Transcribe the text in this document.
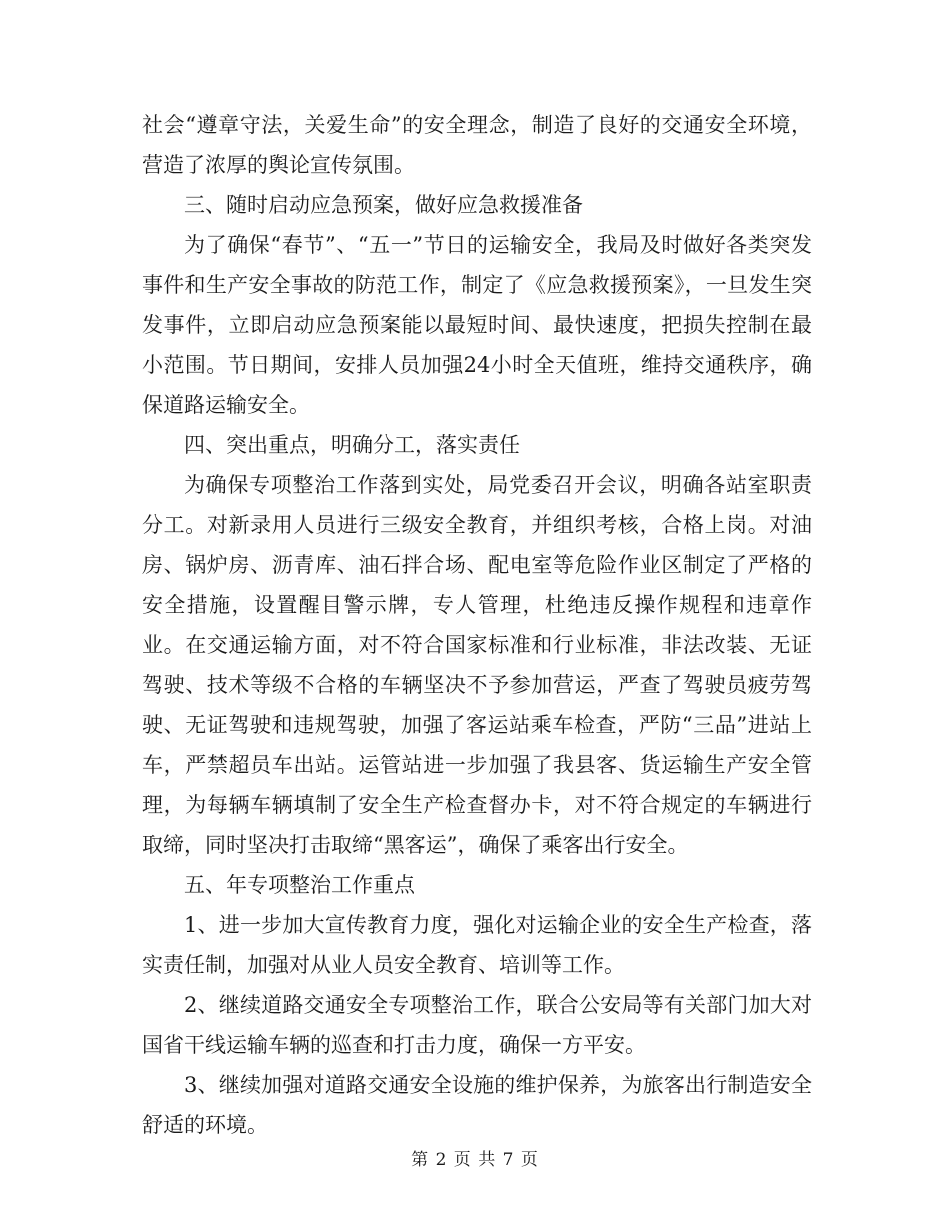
社会“遵章守法，关爱生命”的安全理念，制造了良好的交通安全环境，营造了浓厚的舆论宣传氛围。

三、随时启动应急预案，做好应急救援准备

为了确保“春节”、“五一”节日的运输安全，我局及时做好各类突发事件和生产安全事故的防范工作，制定了《应急救援预案》，一旦发生突发事件，立即启动应急预案能以最短时间、最快速度，把损失控制在最小范围。节日期间，安排人员加强24小时全天值班，维持交通秩序，确保道路运输安全。

四、突出重点，明确分工，落实责任

为确保专项整治工作落到实处，局党委召开会议，明确各站室职责分工。对新录用人员进行三级安全教育，并组织考核，合格上岗。对油房、锅炉房、沥青库、油石拌合场、配电室等危险作业区制定了严格的安全措施，设置醒目警示牌，专人管理，杜绝违反操作规程和违章作业。在交通运输方面，对不符合国家标准和行业标准，非法改装、无证驾驶、技术等级不合格的车辆坚决不予参加营运，严查了驾驶员疲劳驾驶、无证驾驶和违规驾驶，加强了客运站乘车检查，严防“三品”进站上车，严禁超员车出站。运管站进一步加强了我县客、货运输生产安全管理，为每辆车辆填制了安全生产检查督办卡，对不符合规定的车辆进行取缔，同时坚决打击取缔“黑客运”，确保了乘客出行安全。

五、年专项整治工作重点

1、进一步加大宣传教育力度，强化对运输企业的安全生产检查，落实责任制，加强对从业人员安全教育、培训等工作。

2、继续道路交通安全专项整治工作，联合公安局等有关部门加大对国省干线运输车辆的巡查和打击力度，确保一方平安。

3、继续加强对道路交通安全设施的维护保养，为旅客出行制造安全舒适的环境。

第 2 页 共 7 页
